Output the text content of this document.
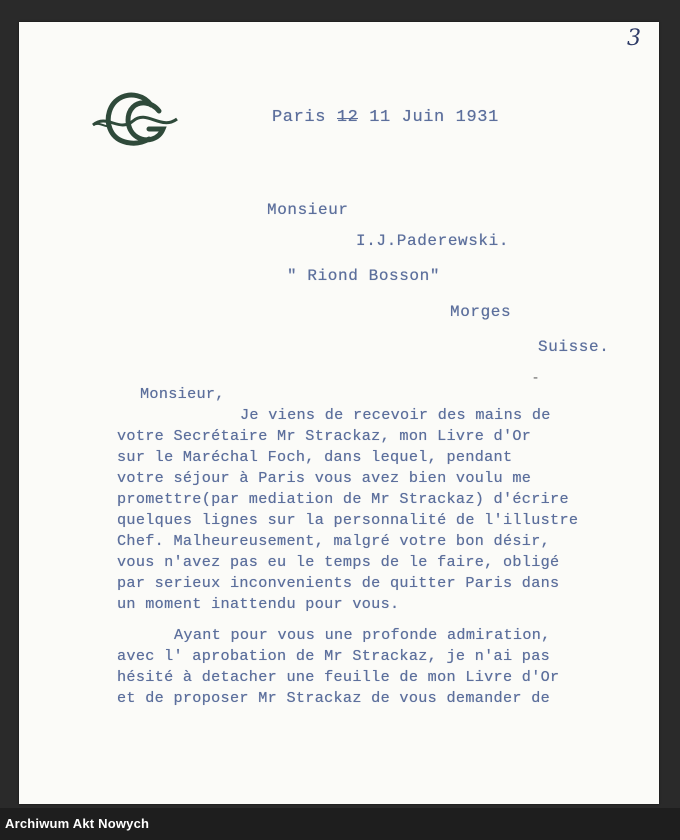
3
Paris 12 11 Juin 1931
Monsieur
I.J.Paderewski.
" Riond Bosson"
Morges
Suisse.
-
Monsieur,
Je viens de recevoir des mains de
votre Secrétaire Mr Strackaz, mon Livre d'Or
sur le Maréchal Foch, dans lequel, pendant
votre séjour à Paris vous avez bien voulu me
promettre(par mediation de Mr Strackaz) d'écrire
quelques lignes sur la personnalité de l'illustre
Chef. Malheureusement, malgré votre bon désir,
vous n'avez pas eu le temps de le faire, obligé
par serieux inconvenients de quitter Paris dans
un moment inattendu pour vous.
Ayant pour vous une profonde admiration,
avec l' aprobation de Mr Strackaz, je n'ai pas
hésité à detacher une feuille de mon Livre d'Or
et de proposer Mr Strackaz de vous demander de
Archiwum Akt Nowych
